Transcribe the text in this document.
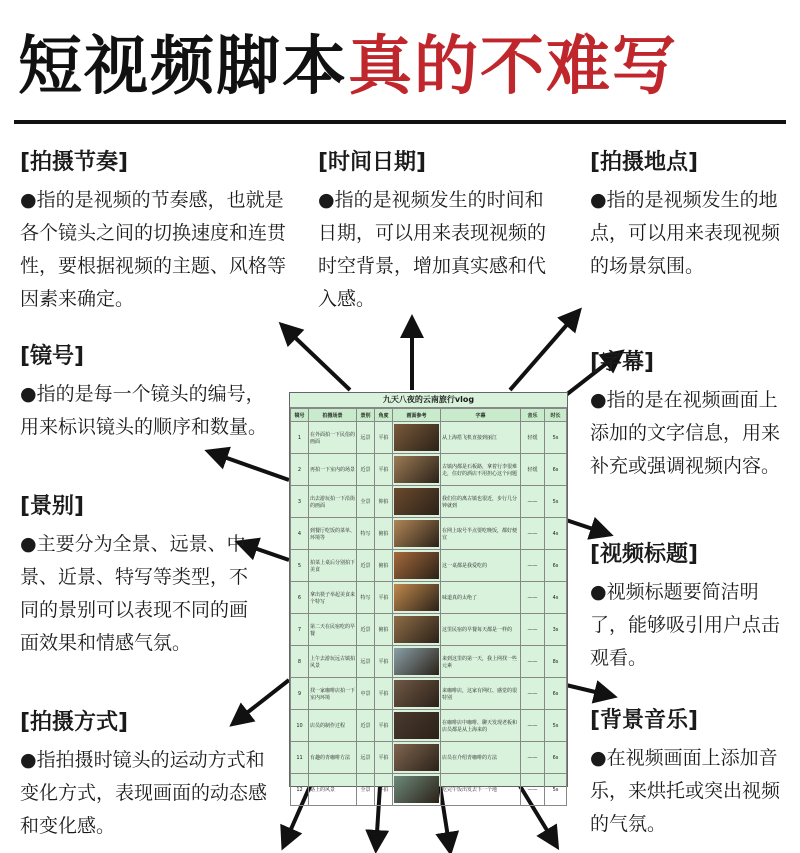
短视频脚本真的不难写
[拍摄节奏]
●指的是视频的节奏感，也就是各个镜头之间的切换速度和连贯性，要根据视频的主题、风格等因素来确定。
[时间日期]
●指的是视频发生的时间和日期，可以用来表现视频的时空背景，增加真实感和代入感。
[拍摄地点]
●指的是视频发生的地点，可以用来表现视频的场景氛围。
[镜号]
●指的是每一个镜头的编号，用来标识镜头的顺序和数量。
[字幕]
●指的是在视频画面上添加的文字信息，用来补充或强调视频内容。
[景别]
●主要分为全景、远景、中景、近景、特写等类型，不同的景别可以表现不同的画面效果和情感气氛。
[视频标题]
●视频标题要简洁明了，能够吸引用户点击观看。
[拍摄方式]
●指拍摄时镜头的运动方式和变化方式，表现画面的动态感和变化感。
[背景音乐]
●在视频画面上添加音乐，来烘托或突出视频的气氛。
九天八夜的云南旅行vlog
镜号	拍摄场景	景别	角度	画面参考	字幕	音乐	时长
1	在外面拍一下民俗的画面	远景	平拍		从上海搭飞机直接到丽江	轻缓	5s
2	再拍一下室内的场景	近景	平拍		古镇内都是石板路，拿着行李很难走，住好的酒店不用担心这个问题	轻缓	6s
3	出去游玩拍一下沿街的画面	全景	仰拍		我们住的离古镇也很近，步行几分钟就到	——	5s
4	到餐厅吃饭的菜单、环境等	特写	俯拍		在网上取号半点要吃晚饭，都好便宜	——	4s
5	拍菜上桌后分别拍下美食	近景	俯拍		这一桌都是我爱吃的	——	6s
6	拿出筷子举起美食来个特写	特写	平拍		味道真的太绝了	——	4s
7	第二天在民宿吃的早餐	近景	俯拍		这里民宿的早餐每天都是一样的	——	3s
8	上午去游玩远古镇拍风景	远景	平拍		来到这里的第一天，我上网找一些元素	——	8s
9	找一家咖啡店拍一下室内环境	中景	平拍		来咖啡店，这家有网红、感觉的很特别	——	6s
10	店员的制作过程	近景	平拍		在咖啡店中咖啡、聊天发现老板和店员都是从上海来的	——	5s
11	有趣的青咖啡方法	远景	平拍		店员在介绍青咖啡的方法	——	6s
12	路上的风景	全景	平拍		吃完午饭出发去下一个地	——	5s
